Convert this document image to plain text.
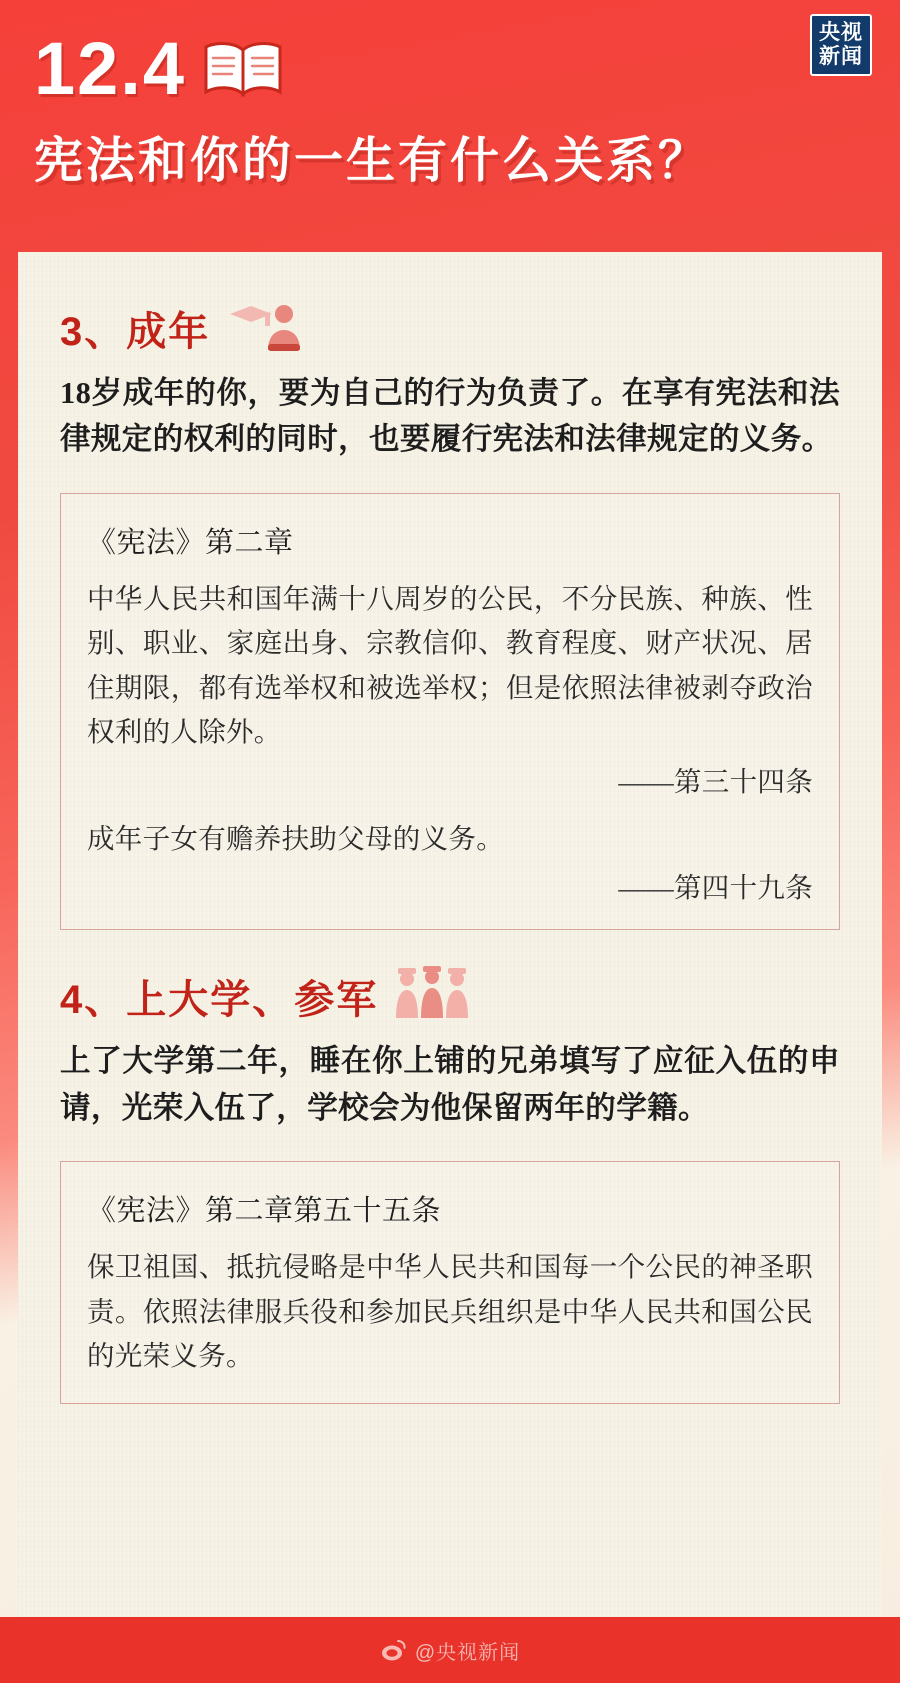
央视
新闻
12.4
宪法和你的一生有什么关系？
3、成年
18岁成年的你，要为自己的行为负责了。在享有宪法和法律规定的权利的同时，也要履行宪法和法律规定的义务。
《宪法》第二章
中华人民共和国年满十八周岁的公民，不分民族、种族、性别、职业、家庭出身、宗教信仰、教育程度、财产状况、居住期限，都有选举权和被选举权；但是依照法律被剥夺政治权利的人除外。
——第三十四条
成年子女有赡养扶助父母的义务。
——第四十九条
4、上大学、参军
上了大学第二年，睡在你上铺的兄弟填写了应征入伍的申请，光荣入伍了，学校会为他保留两年的学籍。
《宪法》第二章第五十五条
保卫祖国、抵抗侵略是中华人民共和国每一个公民的神圣职责。依照法律服兵役和参加民兵组织是中华人民共和国公民的光荣义务。
@央视新闻
